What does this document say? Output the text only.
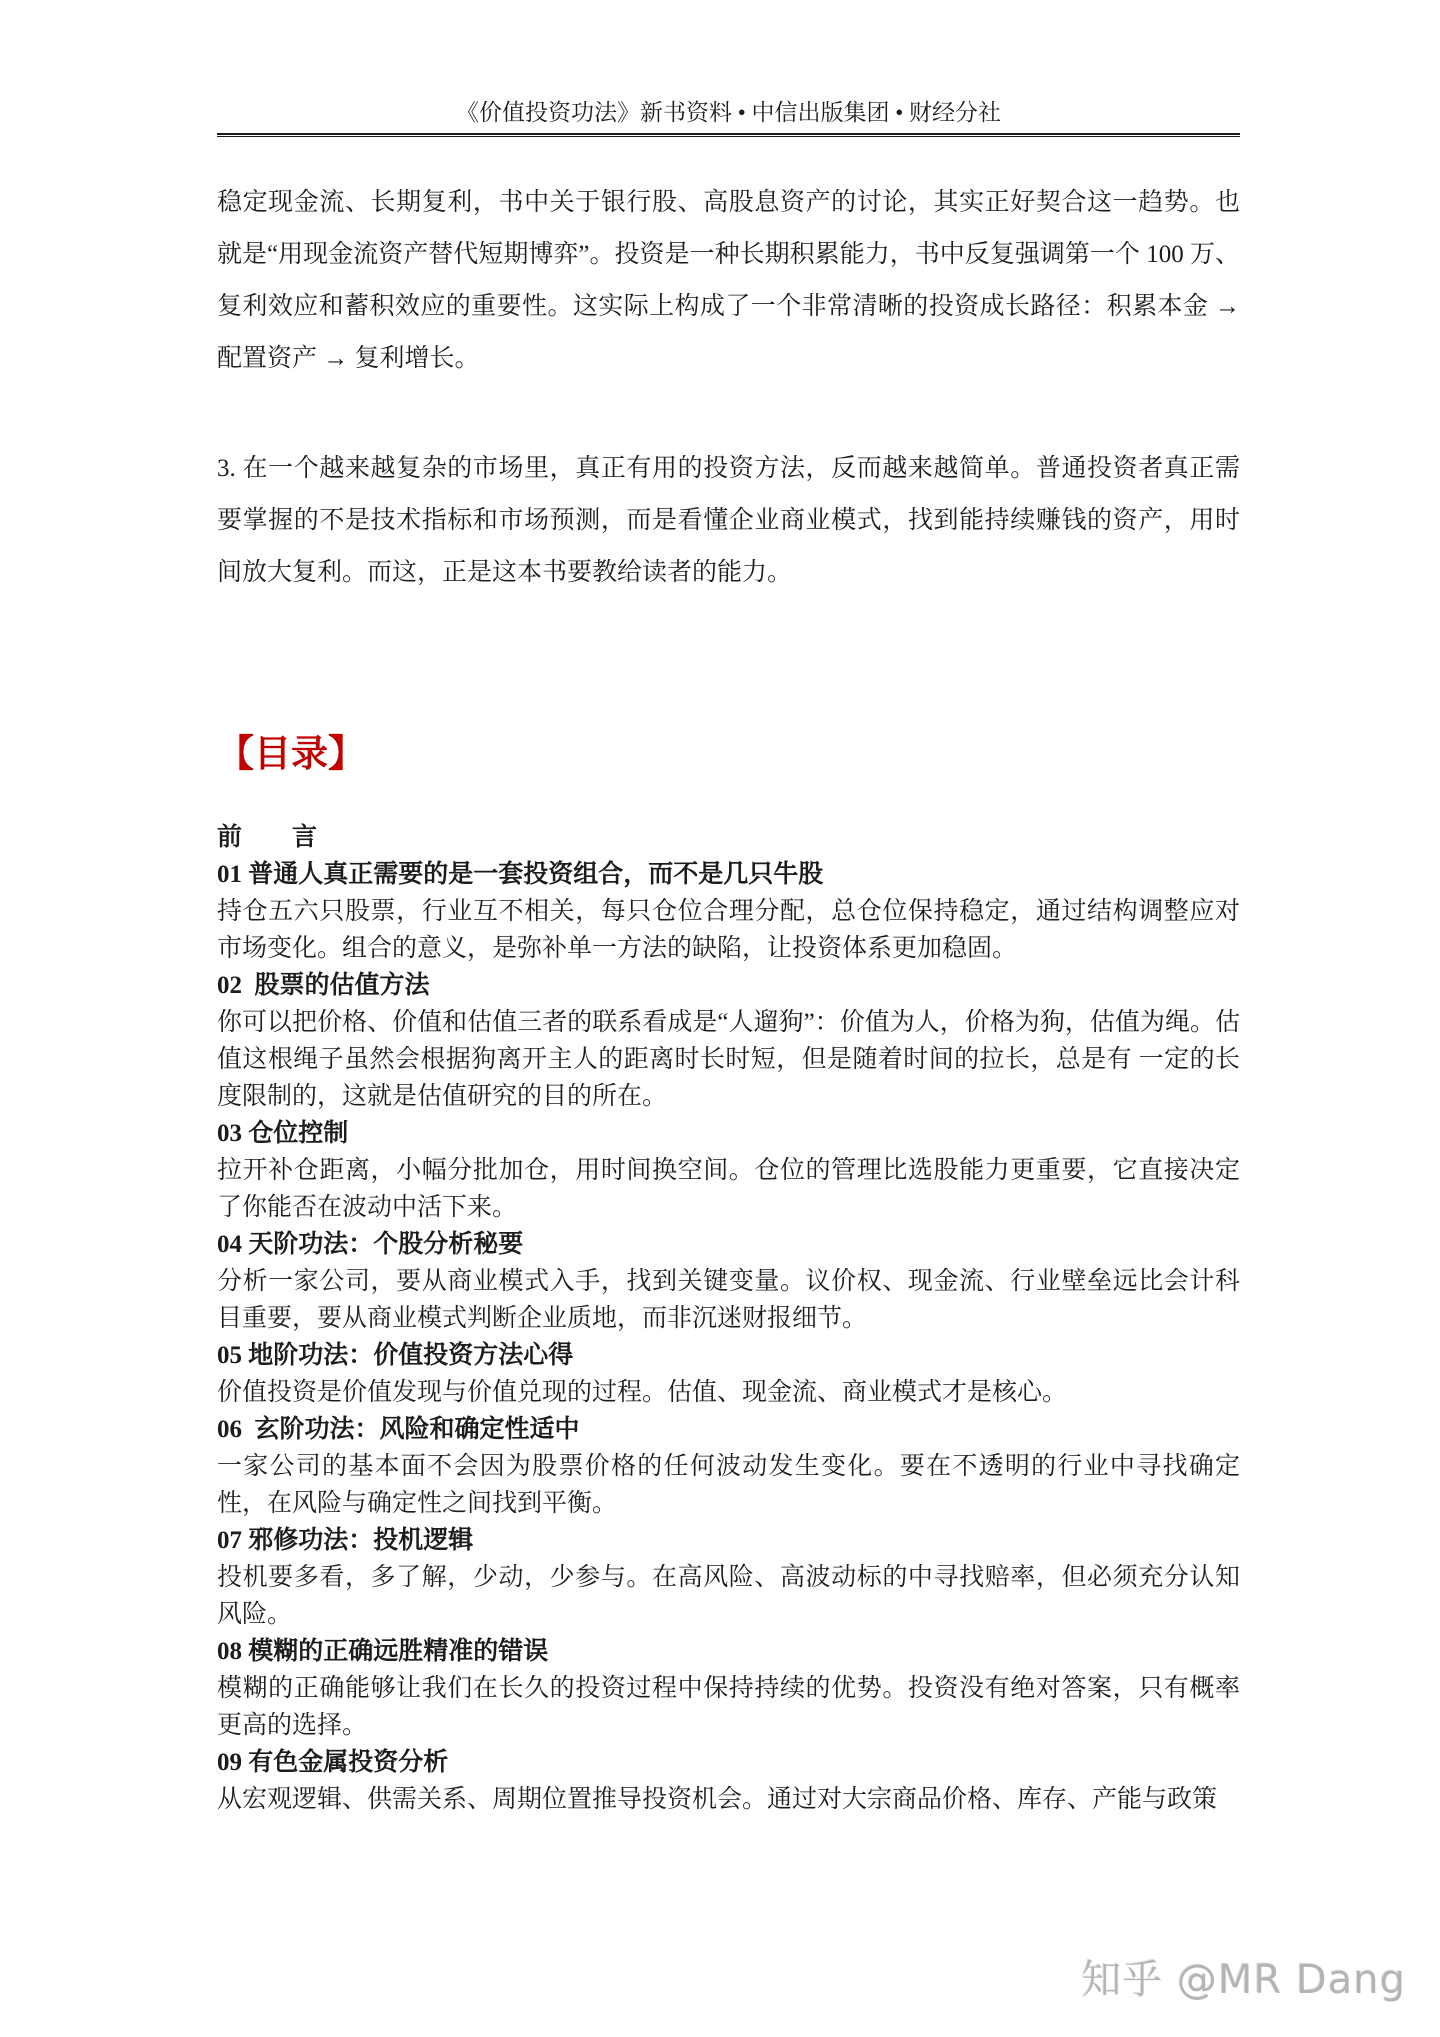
《价值投资功法》新书资料 • 中信出版集团 • 财经分社

稳定现金流、长期复利，书中关于银行股、高股息资产的讨论，其实正好契合这一趋势。也就是“用现金流资产替代短期博弈”。投资是一种长期积累能力，书中反复强调第一个 100 万、复利效应和蓄积效应的重要性。这实际上构成了一个非常清晰的投资成长路径：积累本金 → 配置资产 → 复利增长。

3. 在一个越来越复杂的市场里，真正有用的投资方法，反而越来越简单。普通投资者真正需要掌握的不是技术指标和市场预测，而是看懂企业商业模式，找到能持续赚钱的资产，用时间放大复利。而这，正是这本书要教给读者的能力。

【目录】
前　　言
01 普通人真正需要的是一套投资组合，而不是几只牛股
持仓五六只股票，行业互不相关，每只仓位合理分配，总仓位保持稳定，通过结构调整应对市场变化。组合的意义，是弥补单一方法的缺陷，让投资体系更加稳固。
02  股票的估值方法
你可以把价格、价值和估值三者的联系看成是“人遛狗”：价值为人，价格为狗，估值为绳。估值这根绳子虽然会根据狗离开主人的距离时长时短，但是随着时间的拉长，总是有 一定的长度限制的，这就是估值研究的目的所在。
03 仓位控制
拉开补仓距离，小幅分批加仓，用时间换空间。仓位的管理比选股能力更重要，它直接决定了你能否在波动中活下来。
04 天阶功法：个股分析秘要
分析一家公司，要从商业模式入手，找到关键变量。议价权、现金流、行业壁垒远比会计科目重要，要从商业模式判断企业质地，而非沉迷财报细节。
05 地阶功法：价值投资方法心得
价值投资是价值发现与价值兑现的过程。估值、现金流、商业模式才是核心。
06  玄阶功法：风险和确定性适中
一家公司的基本面不会因为股票价格的任何波动发生变化。要在不透明的行业中寻找确定性，在风险与确定性之间找到平衡。
07 邪修功法：投机逻辑
投机要多看，多了解，少动，少参与。在高风险、高波动标的中寻找赔率，但必须充分认知风险。
08 模糊的正确远胜精准的错误
模糊的正确能够让我们在长久的投资过程中保持持续的优势。投资没有绝对答案，只有概率更高的选择。
09 有色金属投资分析
从宏观逻辑、供需关系、周期位置推导投资机会。通过对大宗商品价格、库存、产能与政策
知乎 @MR Dang
